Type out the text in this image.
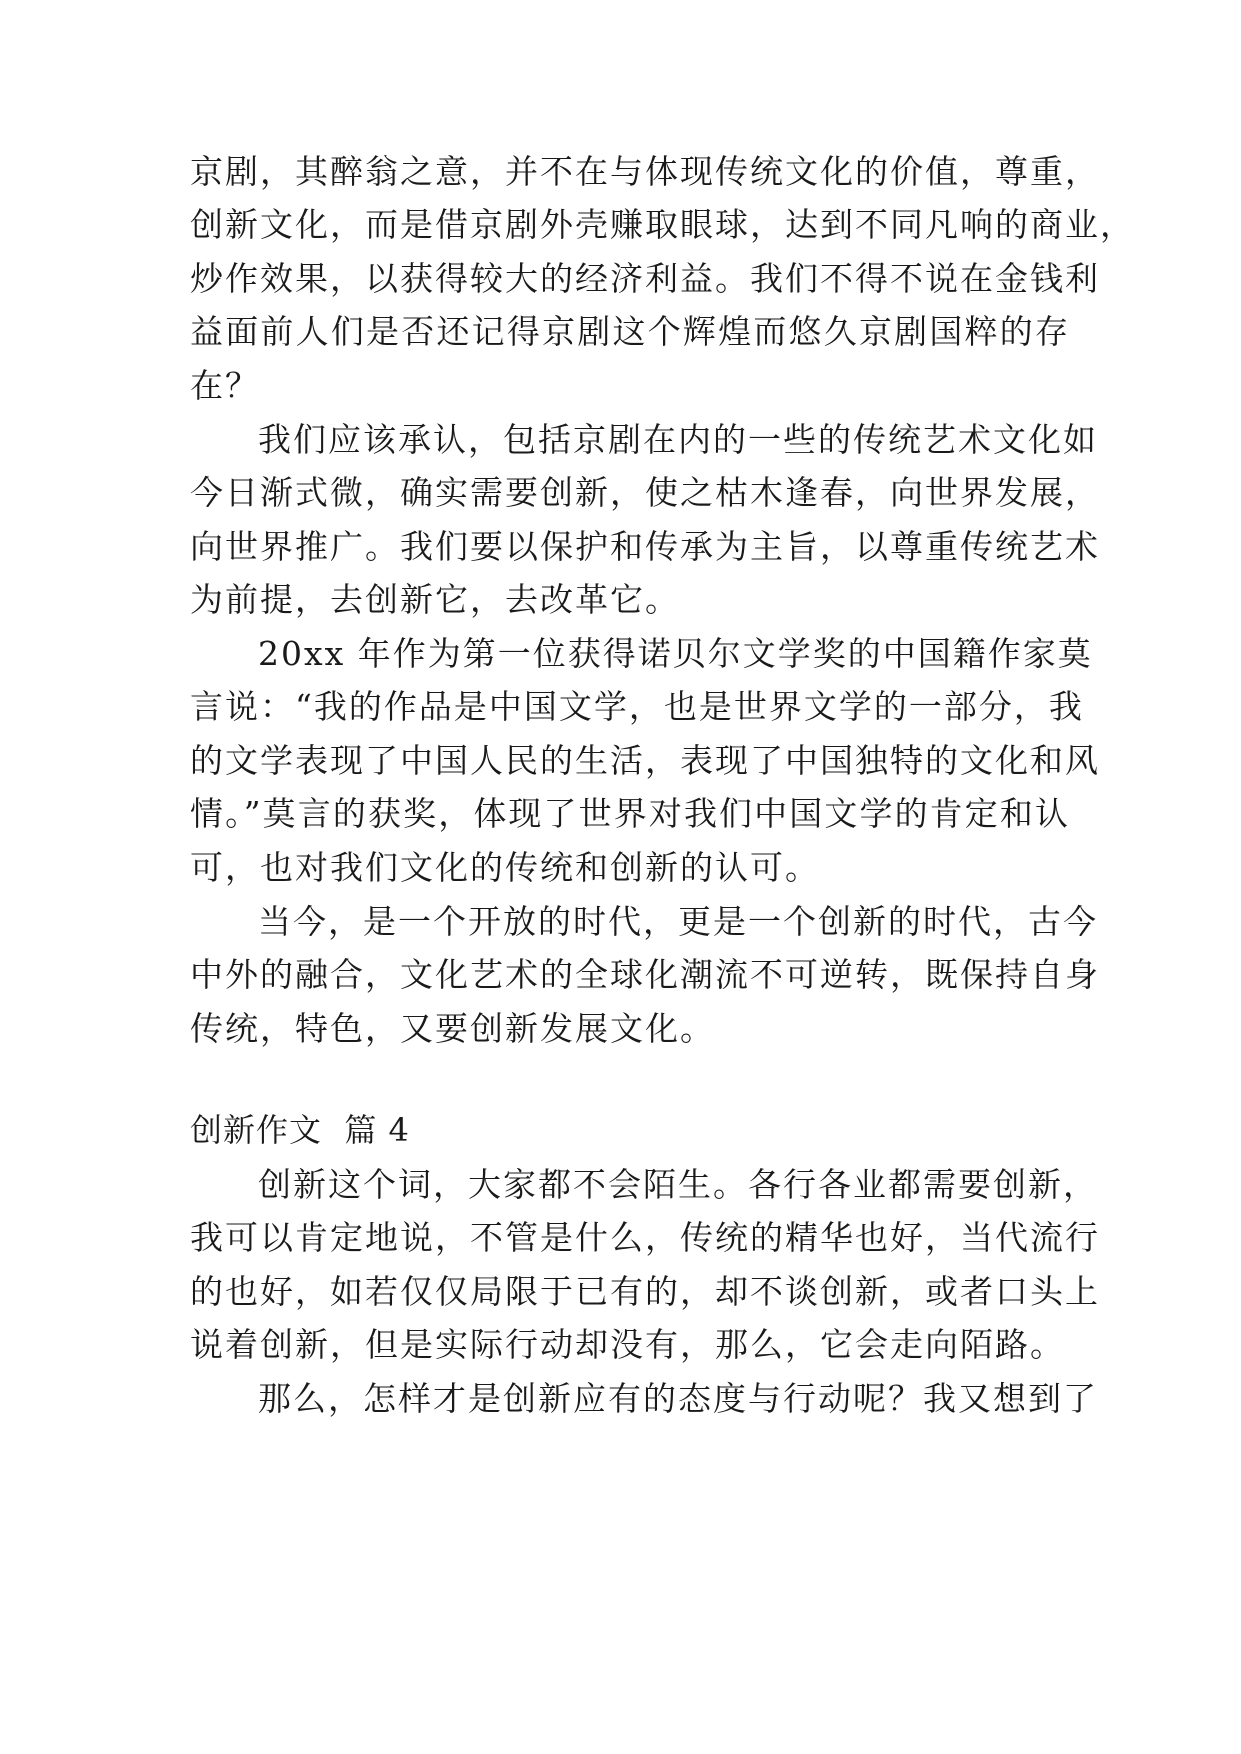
京剧，其醉翁之意，并不在与体现传统文化的价值，尊重，
创新文化，而是借京剧外壳赚取眼球，达到不同凡响的商业，
炒作效果，以获得较大的经济利益。我们不得不说在金钱利
益面前人们是否还记得京剧这个辉煌而悠久京剧国粹的存
在？
我们应该承认，包括京剧在内的一些的传统艺术文化如
今日渐式微，确实需要创新，使之枯木逢春，向世界发展，
向世界推广。我们要以保护和传承为主旨，以尊重传统艺术
为前提，去创新它，去改革它。
20xx 年作为第一位获得诺贝尔文学奖的中国籍作家莫
言说：“我的作品是中国文学，也是世界文学的一部分，我
的文学表现了中国人民的生活，表现了中国独特的文化和风
情。”莫言的获奖，体现了世界对我们中国文学的肯定和认
可，也对我们文化的传统和创新的认可。
当今，是一个开放的时代，更是一个创新的时代，古今
中外的融合，文化艺术的全球化潮流不可逆转，既保持自身
传统，特色，又要创新发展文化。
创新作文  篇 4
创新这个词，大家都不会陌生。各行各业都需要创新，
我可以肯定地说，不管是什么，传统的精华也好，当代流行
的也好，如若仅仅局限于已有的，却不谈创新，或者口头上
说着创新，但是实际行动却没有，那么，它会走向陌路。
那么，怎样才是创新应有的态度与行动呢？我又想到了
